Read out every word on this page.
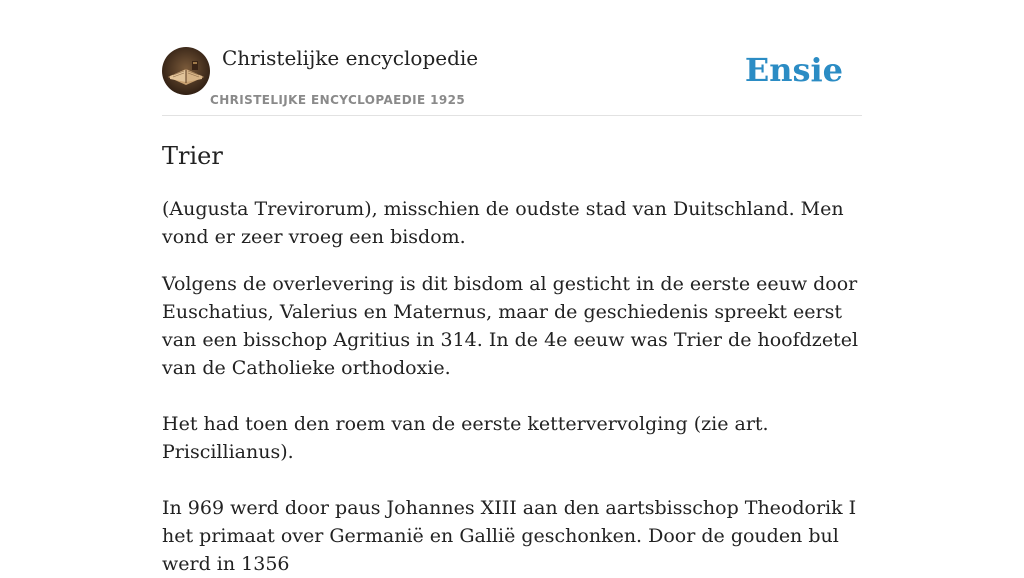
Christelijke encyclopedie
CHRISTELIJKE ENCYCLOPAEDIE 1925
Ensie
Trier

(Augusta Trevirorum), misschien de oudste stad van Duitschland. Men vond er zeer vroeg een bisdom.

Volgens de overlevering is dit bisdom al gesticht in de eerste eeuw door Euschatius, Valerius en Maternus, maar de geschiedenis spreekt eerst van een bisschop Agritius in 314. In de 4e eeuw was Trier de hoofdzetel van de Catholieke orthodoxie.

Het had toen den roem van de eerste kettervervolging (zie art. Priscillianus).

In 969 werd door paus Johannes XIII aan den aartsbisschop Theodorik I het primaat over Germanië en Gallië geschonken. Door de gouden bul werd in 1356
